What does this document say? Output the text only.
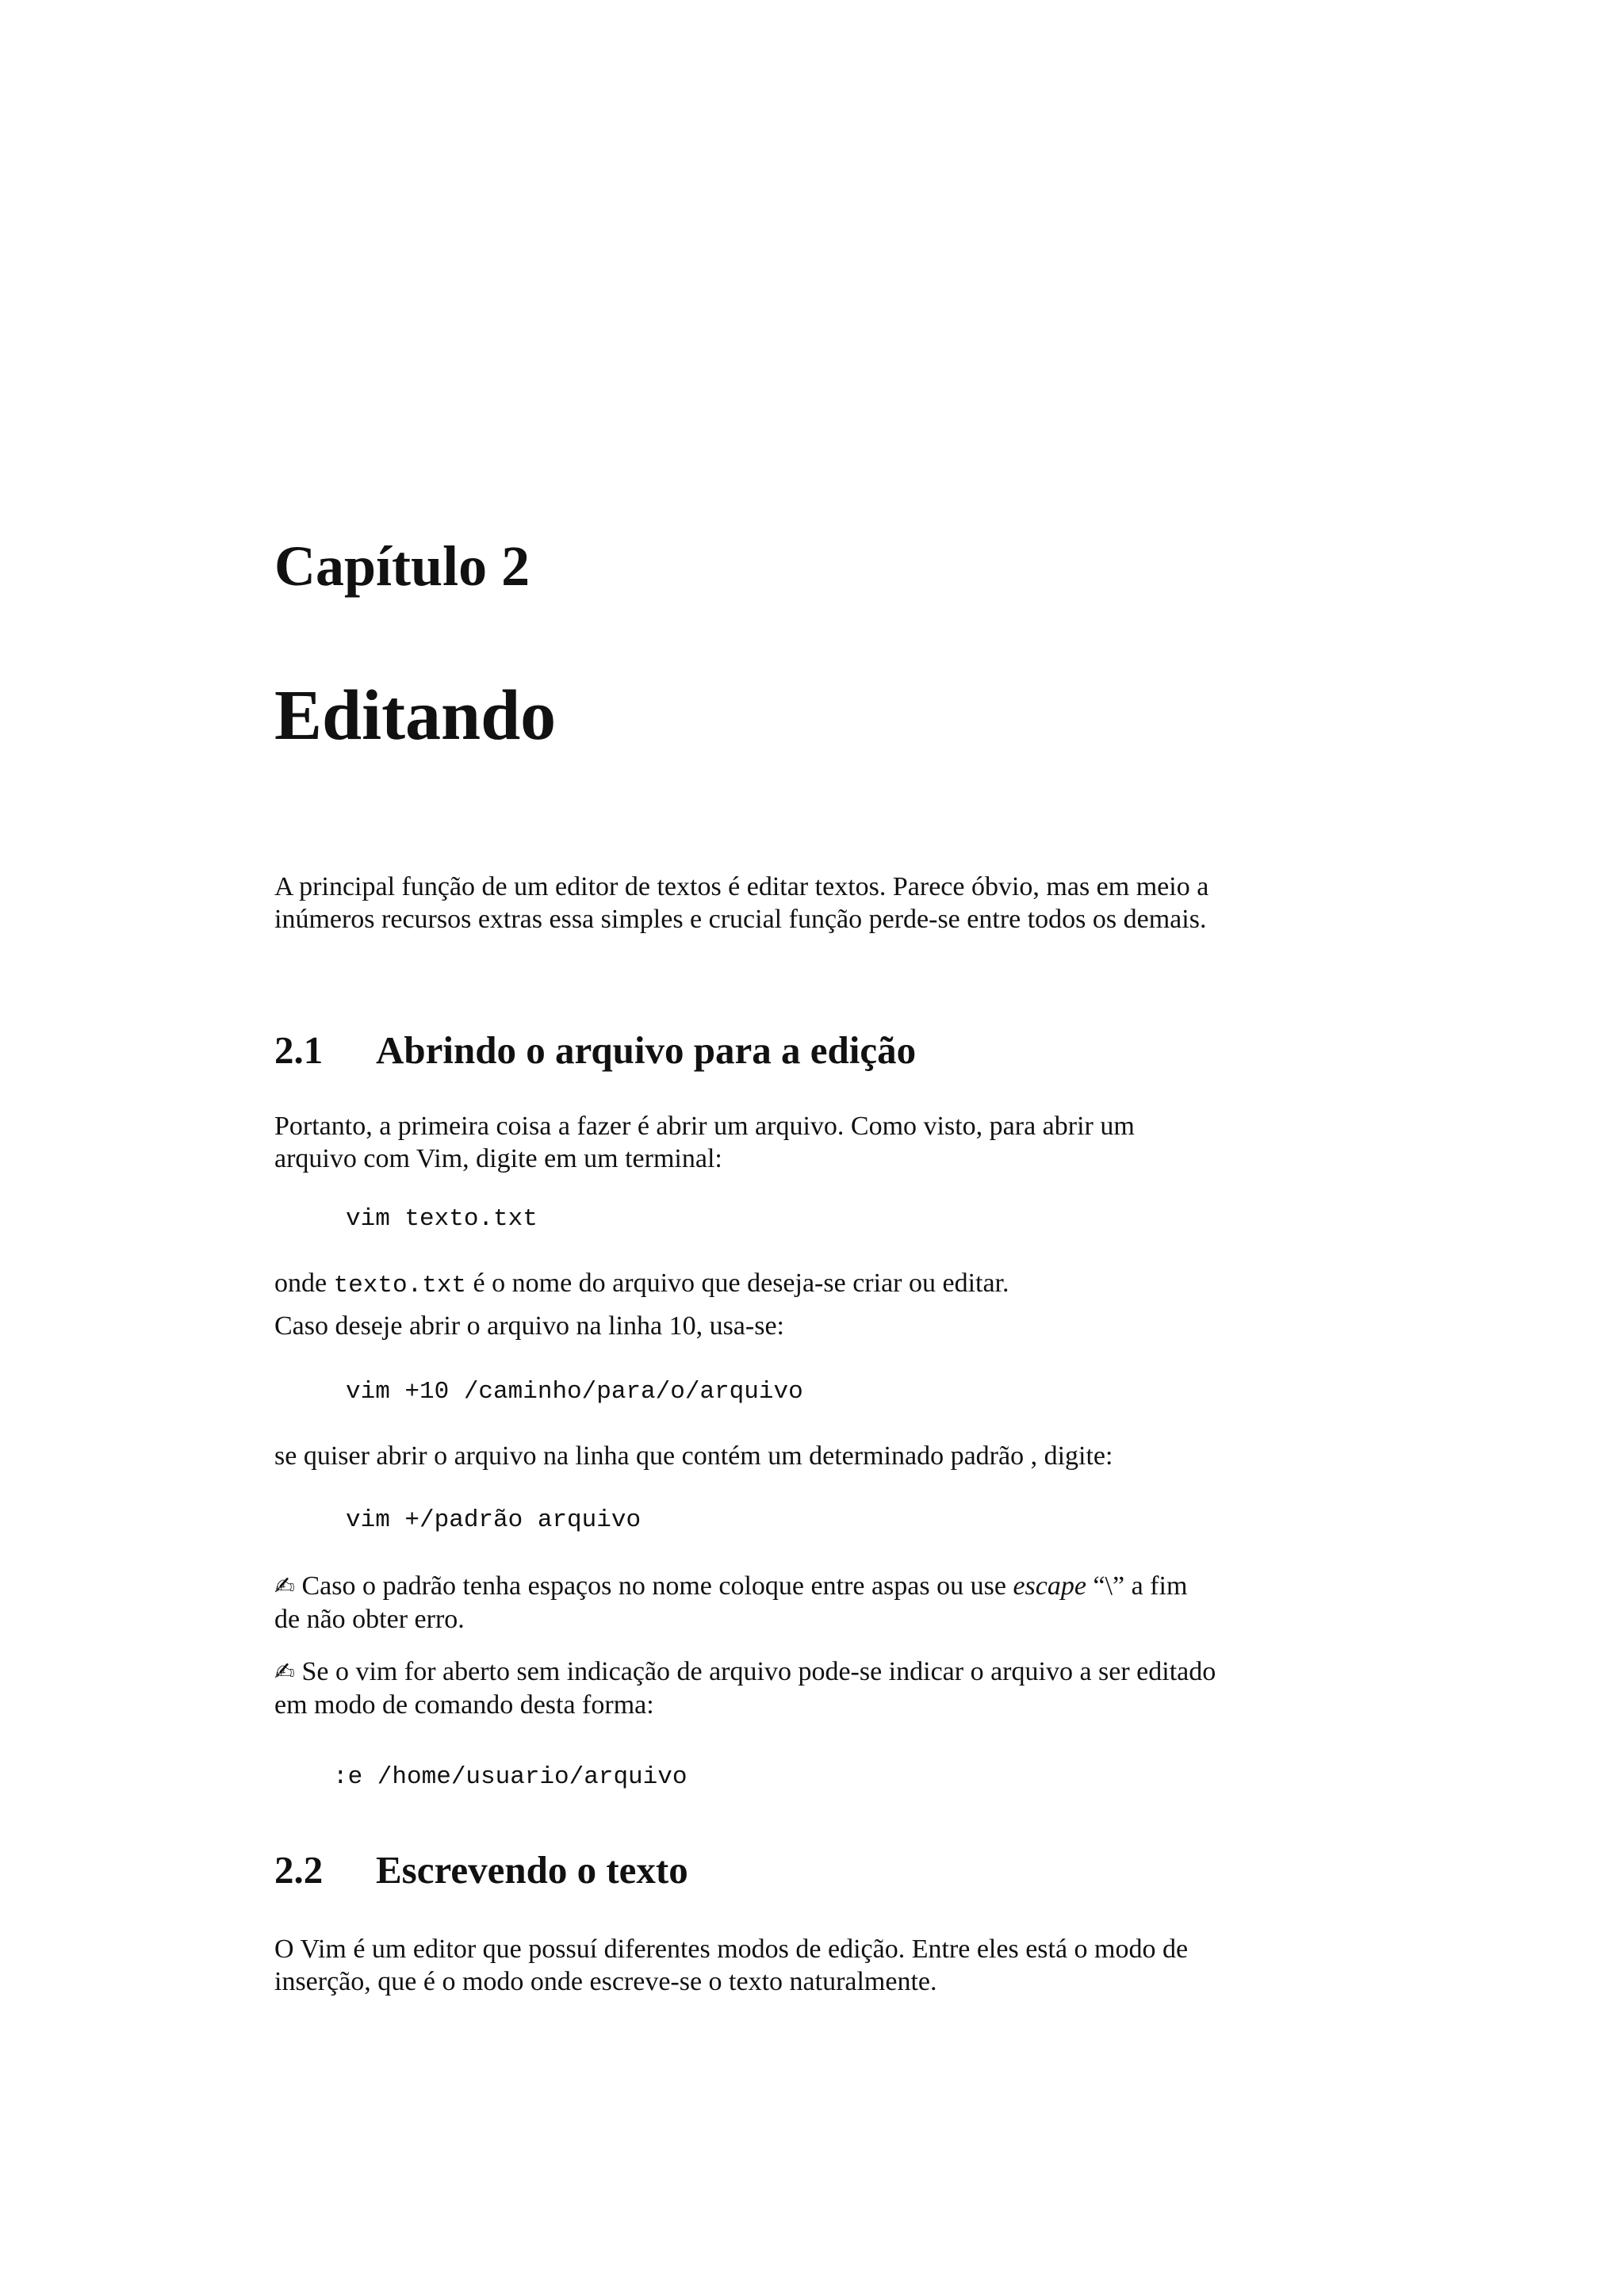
Capítulo 2
Editando
A principal função de um editor de textos é editar textos. Parece óbvio, mas em meio a inúmeros recursos extras essa simples e crucial função perde-se entre todos os demais.
2.1 Abrindo o arquivo para a edição
Portanto, a primeira coisa a fazer é abrir um arquivo. Como visto, para abrir um arquivo com Vim, digite em um terminal:
vim texto.txt
onde texto.txt é o nome do arquivo que deseja-se criar ou editar.
Caso deseje abrir o arquivo na linha 10, usa-se:
vim +10 /caminho/para/o/arquivo
se quiser abrir o arquivo na linha que contém um determinado padrão , digite:
vim +/padrão arquivo
✍ Caso o padrão tenha espaços no nome coloque entre aspas ou use escape “\” a fim de não obter erro.
✍ Se o vim for aberto sem indicação de arquivo pode-se indicar o arquivo a ser editado em modo de comando desta forma:
:e /home/usuario/arquivo
2.2 Escrevendo o texto
O Vim é um editor que possuí diferentes modos de edição. Entre eles está o modo de inserção, que é o modo onde escreve-se o texto naturalmente.
